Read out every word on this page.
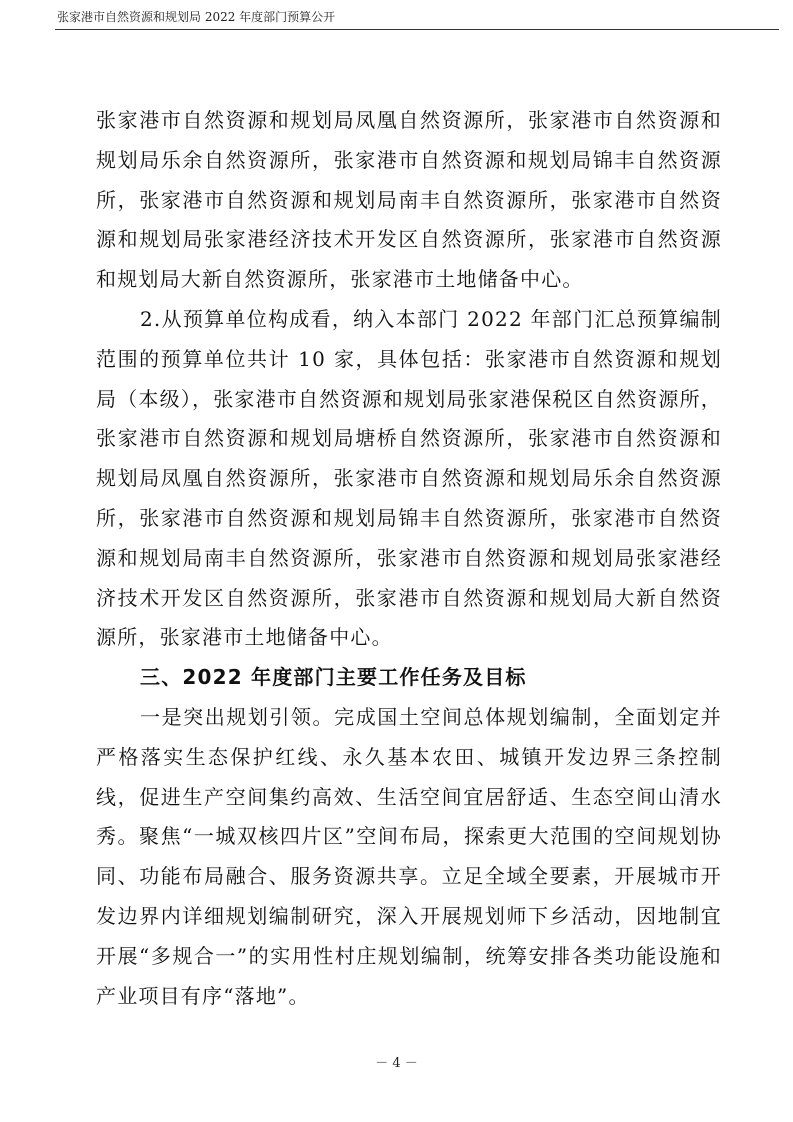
张家港市自然资源和规划局 2022 年度部门预算公开

张家港市自然资源和规划局凤凰自然资源所，张家港市自然资源和规划局乐余自然资源所，张家港市自然资源和规划局锦丰自然资源所，张家港市自然资源和规划局南丰自然资源所，张家港市自然资源和规划局张家港经济技术开发区自然资源所，张家港市自然资源和规划局大新自然资源所，张家港市土地储备中心。

2.从预算单位构成看，纳入本部门 2022 年部门汇总预算编制范围的预算单位共计 10 家，具体包括：张家港市自然资源和规划局（本级），张家港市自然资源和规划局张家港保税区自然资源所，张家港市自然资源和规划局塘桥自然资源所，张家港市自然资源和规划局凤凰自然资源所，张家港市自然资源和规划局乐余自然资源所，张家港市自然资源和规划局锦丰自然资源所，张家港市自然资源和规划局南丰自然资源所，张家港市自然资源和规划局张家港经济技术开发区自然资源所，张家港市自然资源和规划局大新自然资源所，张家港市土地储备中心。

三、2022 年度部门主要工作任务及目标

一是突出规划引领。完成国土空间总体规划编制，全面划定并严格落实生态保护红线、永久基本农田、城镇开发边界三条控制线，促进生产空间集约高效、生活空间宜居舒适、生态空间山清水秀。聚焦“一城双核四片区”空间布局，探索更大范围的空间规划协同、功能布局融合、服务资源共享。立足全域全要素，开展城市开发边界内详细规划编制研究，深入开展规划师下乡活动，因地制宜开展“多规合一”的实用性村庄规划编制，统筹安排各类功能设施和产业项目有序“落地”。

－ 4 －
